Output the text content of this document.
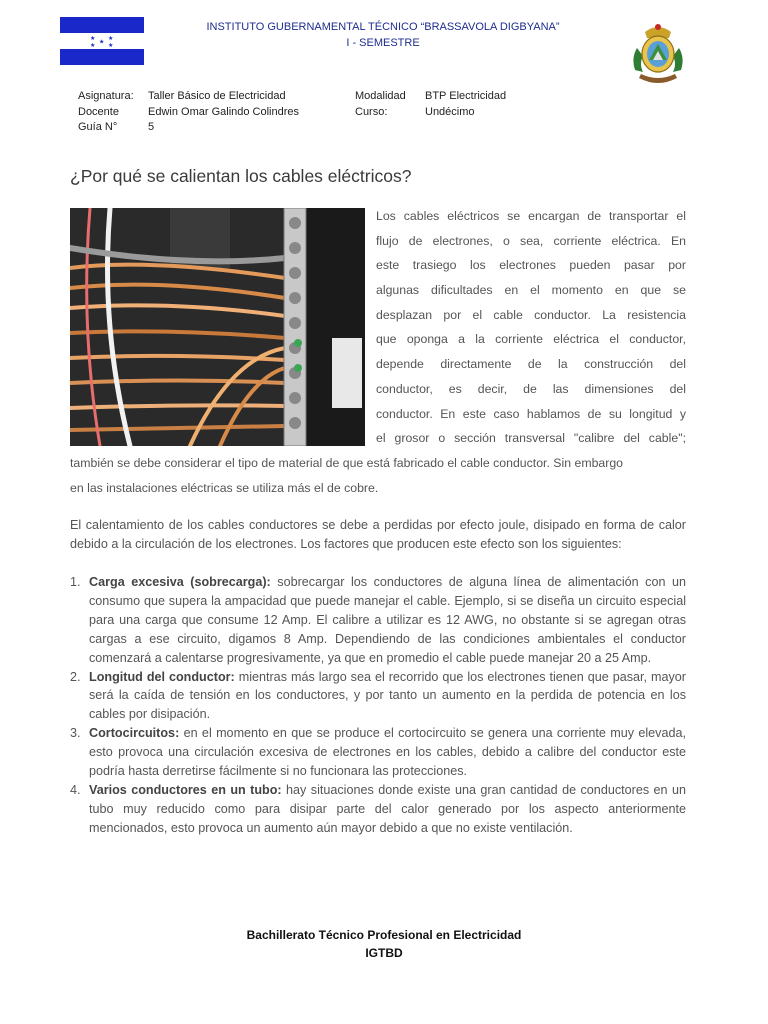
★ ★
★
★ ★
INSTITUTO GUBERNAMENTAL TÉCNICO “BRASSAVOLA DIGBYANA”
I - SEMESTRE
Asignatura:
Docente
Guía N°
Taller Básico de Electricidad
Edwin Omar Galindo Colindres
5
Modalidad
Curso:
BTP Electricidad
Undécimo
¿Por qué se calientan los cables eléctricos?
Los cables eléctricos se encargan de transportar el
flujo de electrones, o sea, corriente eléctrica. En
este trasiego los electrones pueden pasar por
algunas dificultades en el momento en que se
desplazan por el cable conductor. La resistencia
que oponga a la corriente eléctrica el conductor,
depende directamente de la construcción del
conductor, es decir, de las dimensiones del
conductor. En este caso hablamos de su longitud y
el grosor o sección transversal "calibre del cable";
también se debe considerar el tipo de material de que está fabricado el cable conductor. Sin embargo
en las instalaciones eléctricas se utiliza más el de cobre.
El calentamiento de los cables conductores se debe a perdidas por efecto joule, disipado en forma de calor debido a la circulación de los electrones. Los factores que producen este efecto son los siguientes:
1. Carga excesiva (sobrecarga): sobrecargar los conductores de alguna línea de alimentación con un consumo que supera la ampacidad que puede manejar el cable. Ejemplo, si se diseña un circuito especial para una carga que consume 12 Amp. El calibre a utilizar es 12 AWG, no obstante si se agregan otras cargas a ese circuito, digamos 8 Amp. Dependiendo de las condiciones ambientales el conductor comenzará a calentarse progresivamente, ya que en promedio el cable puede manejar 20 a 25 Amp.
2. Longitud del conductor: mientras más largo sea el recorrido que los electrones tienen que pasar, mayor será la caída de tensión en los conductores, y por tanto un aumento en la perdida de potencia en los cables por disipación.
3. Cortocircuitos: en el momento en que se produce el cortocircuito se genera una corriente muy elevada, esto provoca una circulación excesiva de electrones en los cables, debido a calibre del conductor este podría hasta derretirse fácilmente si no funcionara las protecciones.
4. Varios conductores en un tubo: hay situaciones donde existe una gran cantidad de conductores en un tubo muy reducido como para disipar parte del calor generado por los aspecto anteriormente mencionados, esto provoca un aumento aún mayor debido a que no existe ventilación.
Bachillerato Técnico Profesional en Electricidad
IGTBD
